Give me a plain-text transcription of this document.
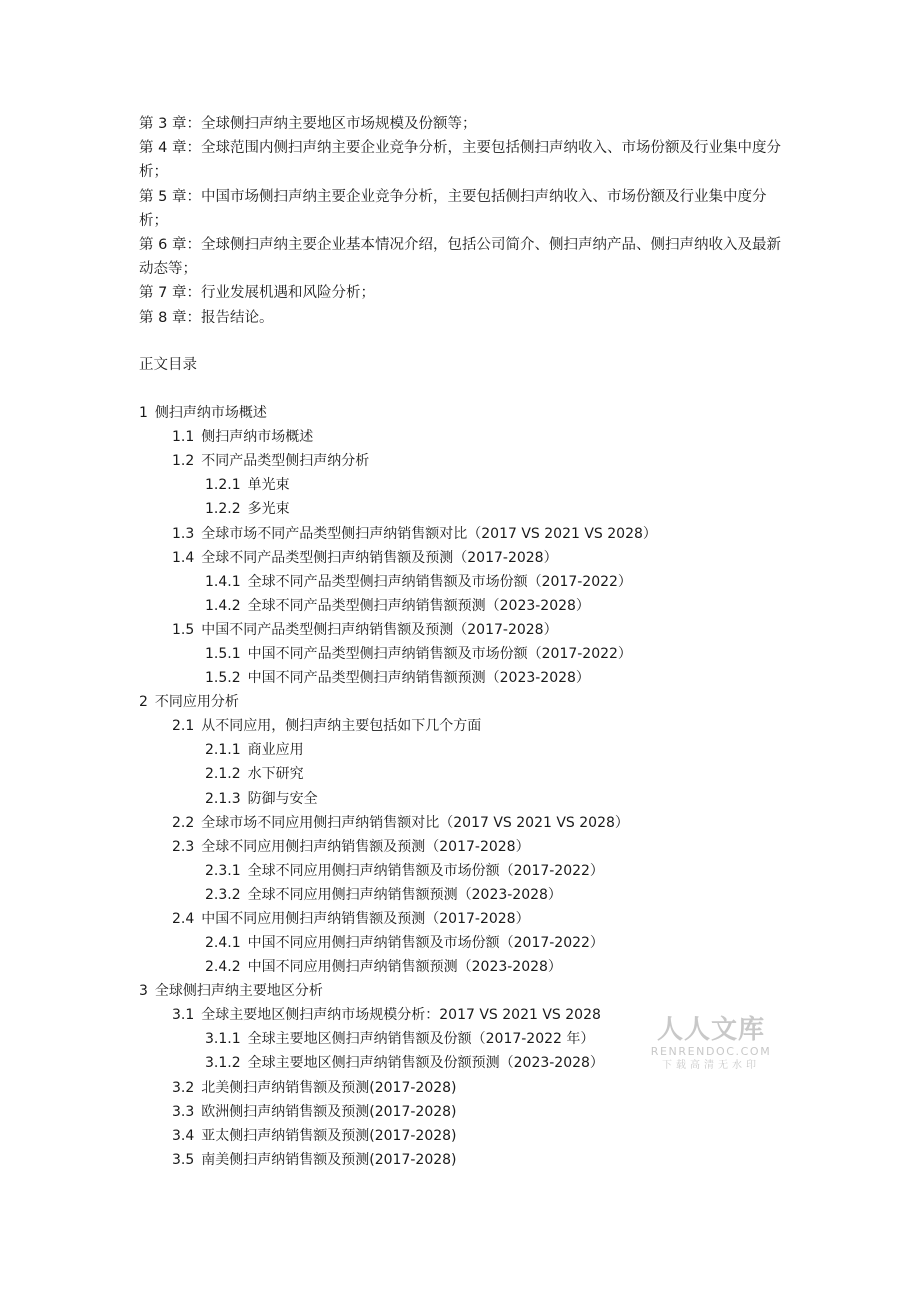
第 3 章：全球侧扫声纳主要地区市场规模及份额等；

第 4 章：全球范围内侧扫声纳主要企业竞争分析，主要包括侧扫声纳收入、市场份额及行业集中度分析；

第 5 章：中国市场侧扫声纳主要企业竞争分析，主要包括侧扫声纳收入、市场份额及行业集中度分析；

第 6 章：全球侧扫声纳主要企业基本情况介绍，包括公司简介、侧扫声纳产品、侧扫声纳收入及最新动态等；

第 7 章：行业发展机遇和风险分析；

第 8 章：报告结论。

正文目录
1 侧扫声纳市场概述
1.1 侧扫声纳市场概述
1.2 不同产品类型侧扫声纳分析
1.2.1 单光束
1.2.2 多光束
1.3 全球市场不同产品类型侧扫声纳销售额对比（2017 VS 2021 VS 2028）
1.4 全球不同产品类型侧扫声纳销售额及预测（2017-2028）
1.4.1 全球不同产品类型侧扫声纳销售额及市场份额（2017-2022）
1.4.2 全球不同产品类型侧扫声纳销售额预测（2023-2028）
1.5 中国不同产品类型侧扫声纳销售额及预测（2017-2028）
1.5.1 中国不同产品类型侧扫声纳销售额及市场份额（2017-2022）
1.5.2 中国不同产品类型侧扫声纳销售额预测（2023-2028）
2 不同应用分析
2.1 从不同应用，侧扫声纳主要包括如下几个方面
2.1.1 商业应用
2.1.2 水下研究
2.1.3 防御与安全
2.2 全球市场不同应用侧扫声纳销售额对比（2017 VS 2021 VS 2028）
2.3 全球不同应用侧扫声纳销售额及预测（2017-2028）
2.3.1 全球不同应用侧扫声纳销售额及市场份额（2017-2022）
2.3.2 全球不同应用侧扫声纳销售额预测（2023-2028）
2.4 中国不同应用侧扫声纳销售额及预测（2017-2028）
2.4.1 中国不同应用侧扫声纳销售额及市场份额（2017-2022）
2.4.2 中国不同应用侧扫声纳销售额预测（2023-2028）
3 全球侧扫声纳主要地区分析
3.1 全球主要地区侧扫声纳市场规模分析：2017 VS 2021 VS 2028
3.1.1 全球主要地区侧扫声纳销售额及份额（2017-2022 年）
3.1.2 全球主要地区侧扫声纳销售额及份额预测（2023-2028）
3.2 北美侧扫声纳销售额及预测(2017-2028)
3.3 欧洲侧扫声纳销售额及预测(2017-2028)
3.4 亚太侧扫声纳销售额及预测(2017-2028)
3.5 南美侧扫声纳销售额及预测(2017-2028)
人人文库
RENRENDOC.COM
下载高清无水印
